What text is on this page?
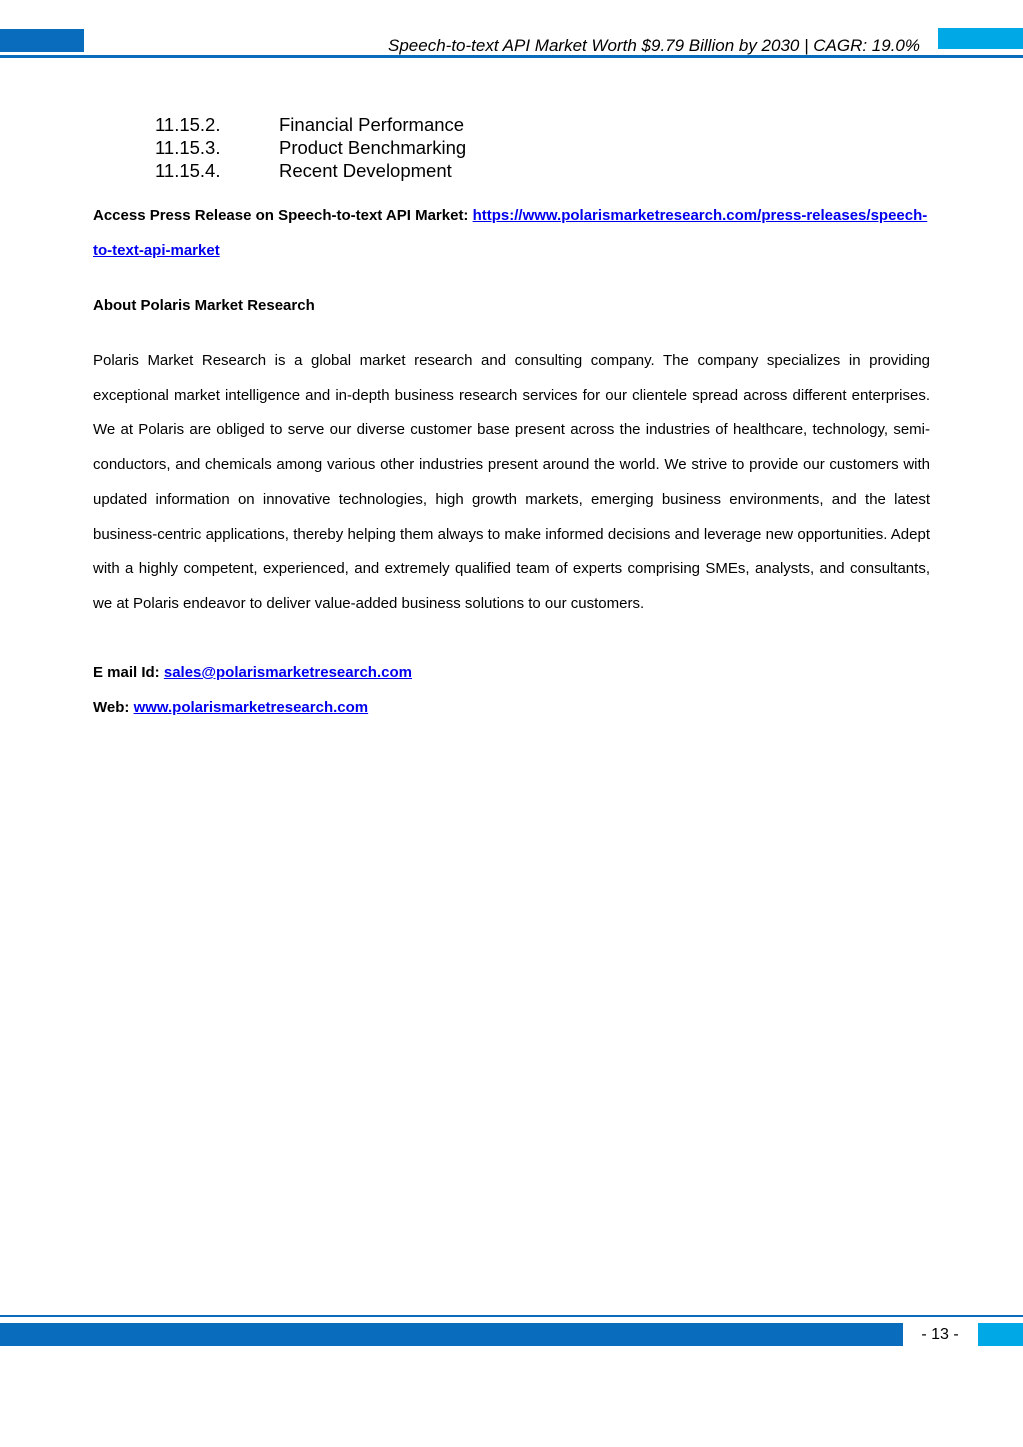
Speech-to-text API Market Worth $9.79 Billion by 2030 | CAGR: 19.0%
11.15.2.	Financial Performance
11.15.3.	Product Benchmarking
11.15.4.	Recent Development
Access Press Release on Speech-to-text API Market: https://www.polarismarketresearch.com/press-releases/speech-to-text-api-market
About Polaris Market Research
Polaris Market Research is a global market research and consulting company. The company specializes in providing exceptional market intelligence and in-depth business research services for our clientele spread across different enterprises. We at Polaris are obliged to serve our diverse customer base present across the industries of healthcare, technology, semi-conductors, and chemicals among various other industries present around the world. We strive to provide our customers with updated information on innovative technologies, high growth markets, emerging business environments, and the latest business-centric applications, thereby helping them always to make informed decisions and leverage new opportunities. Adept with a highly competent, experienced, and extremely qualified team of experts comprising SMEs, analysts, and consultants, we at Polaris endeavor to deliver value-added business solutions to our customers.
E mail Id: sales@polarismarketresearch.com
Web: www.polarismarketresearch.com
- 13 -
